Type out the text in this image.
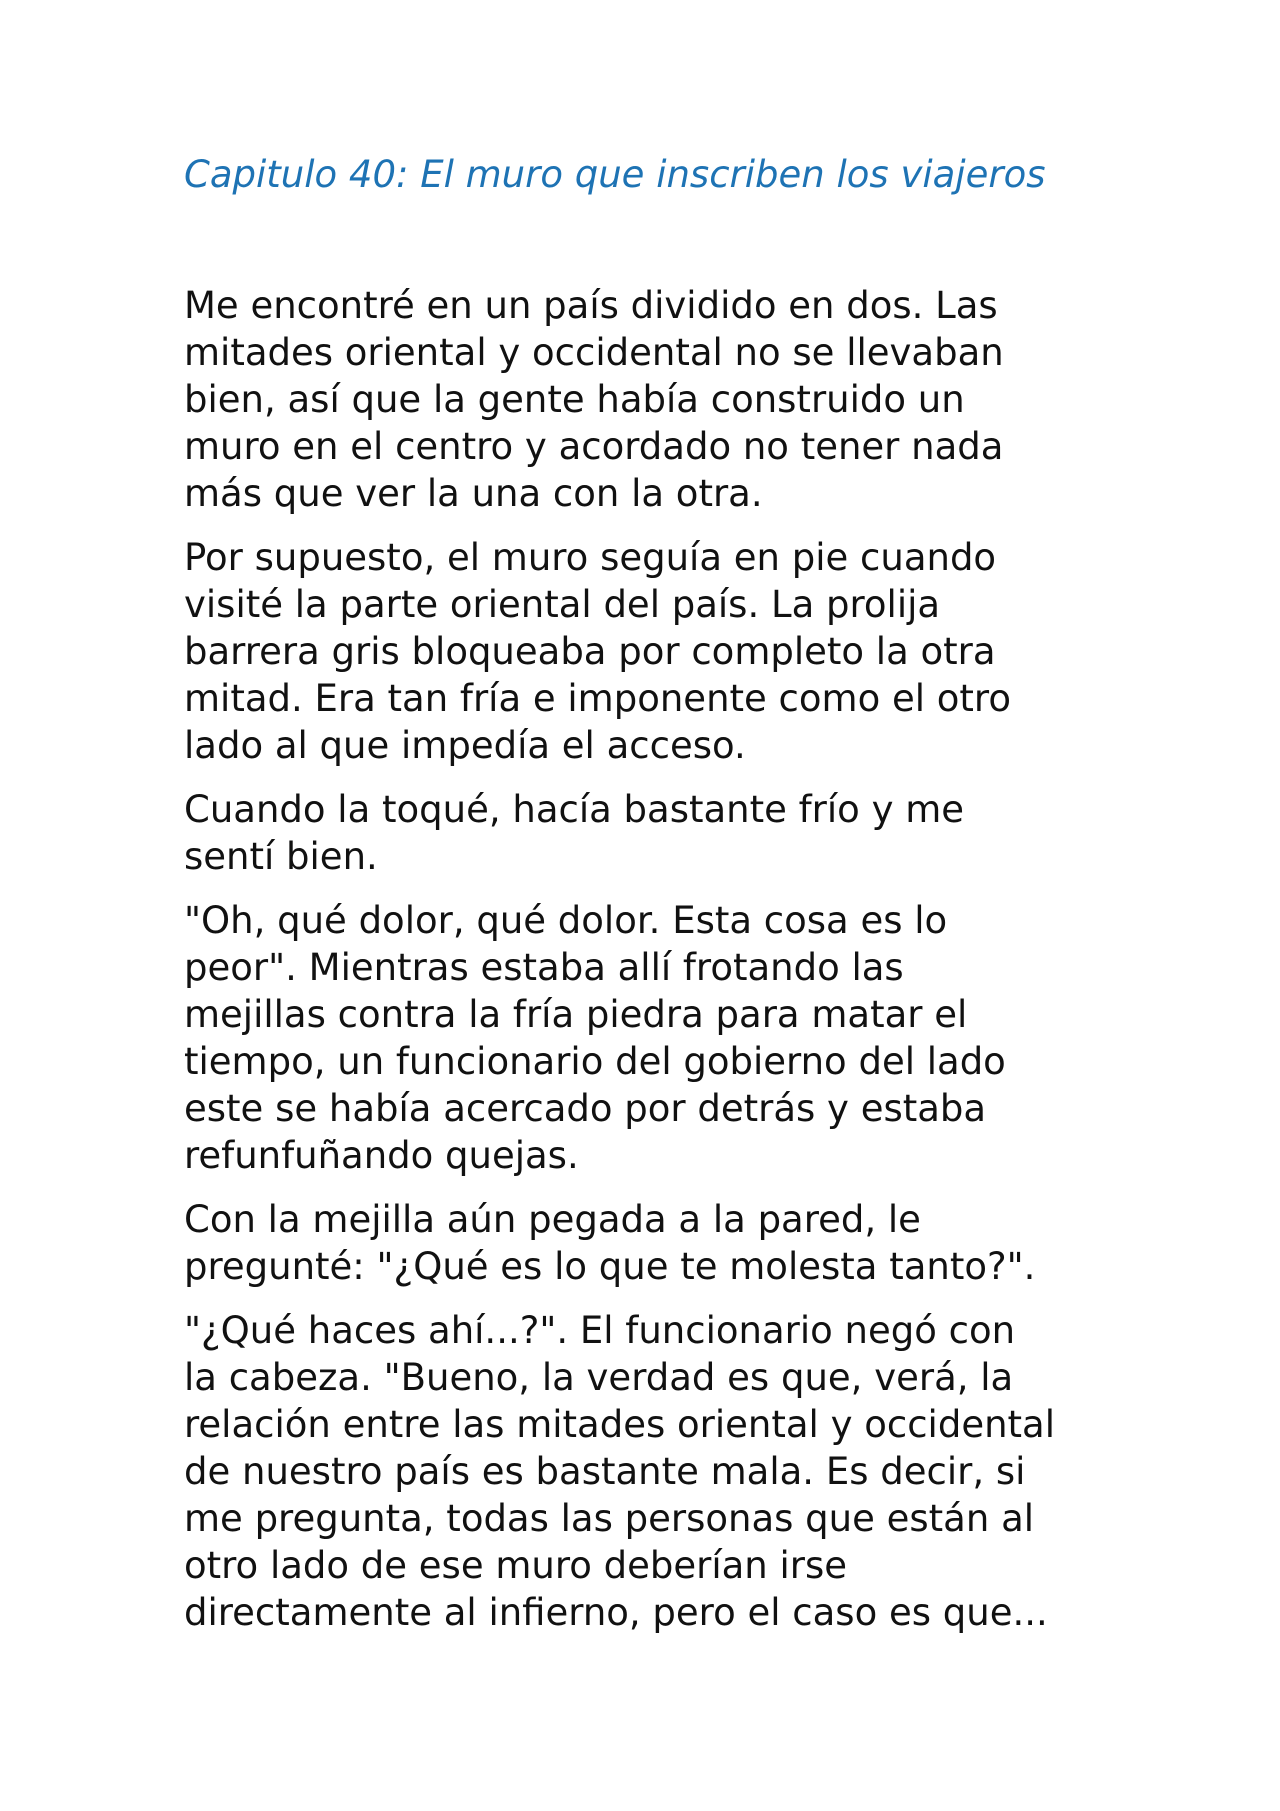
Capitulo 40: El muro que inscriben los viajeros

Me encontré en un país dividido en dos. Las
mitades oriental y occidental no se llevaban
bien, así que la gente había construido un
muro en el centro y acordado no tener nada
más que ver la una con la otra.

Por supuesto, el muro seguía en pie cuando
visité la parte oriental del país. La prolija
barrera gris bloqueaba por completo la otra
mitad. Era tan fría e imponente como el otro
lado al que impedía el acceso.

Cuando la toqué, hacía bastante frío y me
sentí bien.

"Oh, qué dolor, qué dolor. Esta cosa es lo
peor". Mientras estaba allí frotando las
mejillas contra la fría piedra para matar el
tiempo, un funcionario del gobierno del lado
este se había acercado por detrás y estaba
refunfuñando quejas.

Con la mejilla aún pegada a la pared, le
pregunté: "¿Qué es lo que te molesta tanto?".

"¿Qué haces ahí...?". El funcionario negó con
la cabeza. "Bueno, la verdad es que, verá, la
relación entre las mitades oriental y occidental
de nuestro país es bastante mala. Es decir, si
me pregunta, todas las personas que están al
otro lado de ese muro deberían irse
directamente al infierno, pero el caso es que...
